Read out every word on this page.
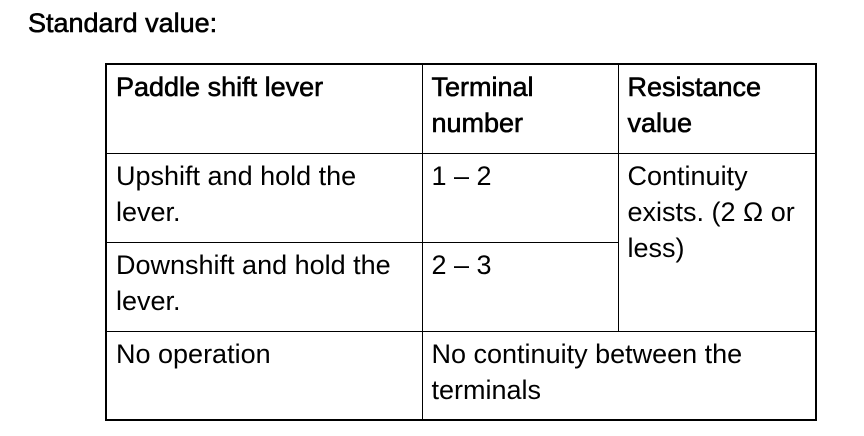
Standard value:
Paddle shift lever	Terminal number	Resistance value
Upshift and hold the lever.	1 – 2	Continuity exists. (2 Ω or less)
Downshift and hold the lever.	2 – 3	
No operation	No continuity between the terminals	
